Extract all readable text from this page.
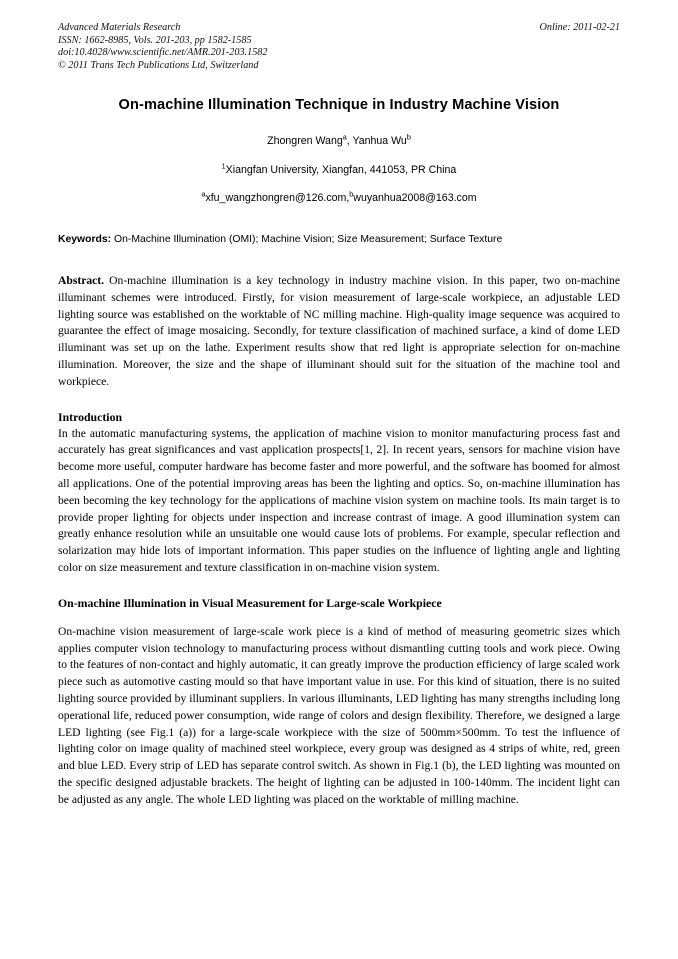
Advanced Materials Research
ISSN: 1662-8985, Vols. 201-203, pp 1582-1585
doi:10.4028/www.scientific.net/AMR.201-203.1582
© 2011 Trans Tech Publications Ltd, Switzerland
Online: 2011-02-21
On-machine Illumination Technique in Industry Machine Vision
Zhongren Wang$^a$, Yanhua Wu$^b$
$^1$Xiangfan University, Xiangfan, 441053, PR China
$^a$xfu_wangzhongren@126.com,$^b$wuyanhua2008@163.com
Keywords: On-Machine Illumination (OMI); Machine Vision; Size Measurement; Surface Texture
Abstract. On-machine illumination is a key technology in industry machine vision. In this paper, two on-machine illuminant schemes were introduced. Firstly, for vision measurement of large-scale workpiece, an adjustable LED lighting source was established on the worktable of NC milling machine. High-quality image sequence was acquired to guarantee the effect of image mosaicing. Secondly, for texture classification of machined surface, a kind of dome LED illuminant was set up on the lathe. Experiment results show that red light is appropriate selection for on-machine illumination. Moreover, the size and the shape of illuminant should suit for the situation of the machine tool and workpiece.
Introduction
In the automatic manufacturing systems, the application of machine vision to monitor manufacturing process fast and accurately has great significances and vast application prospects[1, 2]. In recent years, sensors for machine vision have become more useful, computer hardware has become faster and more powerful, and the software has boomed for almost all applications. One of the potential improving areas has been the lighting and optics. So, on-machine illumination has been becoming the key technology for the applications of machine vision system on machine tools. Its main target is to provide proper lighting for objects under inspection and increase contrast of image. A good illumination system can greatly enhance resolution while an unsuitable one would cause lots of problems. For example, specular reflection and solarization may hide lots of important information. This paper studies on the influence of lighting angle and lighting color on size measurement and texture classification in on-machine vision system.
On-machine Illumination in Visual Measurement for Large-scale Workpiece
On-machine vision measurement of large-scale work piece is a kind of method of measuring geometric sizes which applies computer vision technology to manufacturing process without dismantling cutting tools and work piece. Owing to the features of non-contact and highly automatic, it can greatly improve the production efficiency of large scaled work piece such as automotive casting mould so that have important value in use. For this kind of situation, there is no suited lighting source provided by illuminant suppliers. In various illuminants, LED lighting has many strengths including long operational life, reduced power consumption, wide range of colors and design flexibility. Therefore, we designed a large LED lighting (see Fig.1 (a)) for a large-scale workpiece with the size of 500mm×500mm. To test the influence of lighting color on image quality of machined steel workpiece, every group was designed as 4 strips of white, red, green and blue LED. Every strip of LED has separate control switch. As shown in Fig.1 (b), the LED lighting was mounted on the specific designed adjustable brackets. The height of lighting can be adjusted in 100-140mm. The incident light can be adjusted as any angle. The whole LED lighting was placed on the worktable of milling machine.
